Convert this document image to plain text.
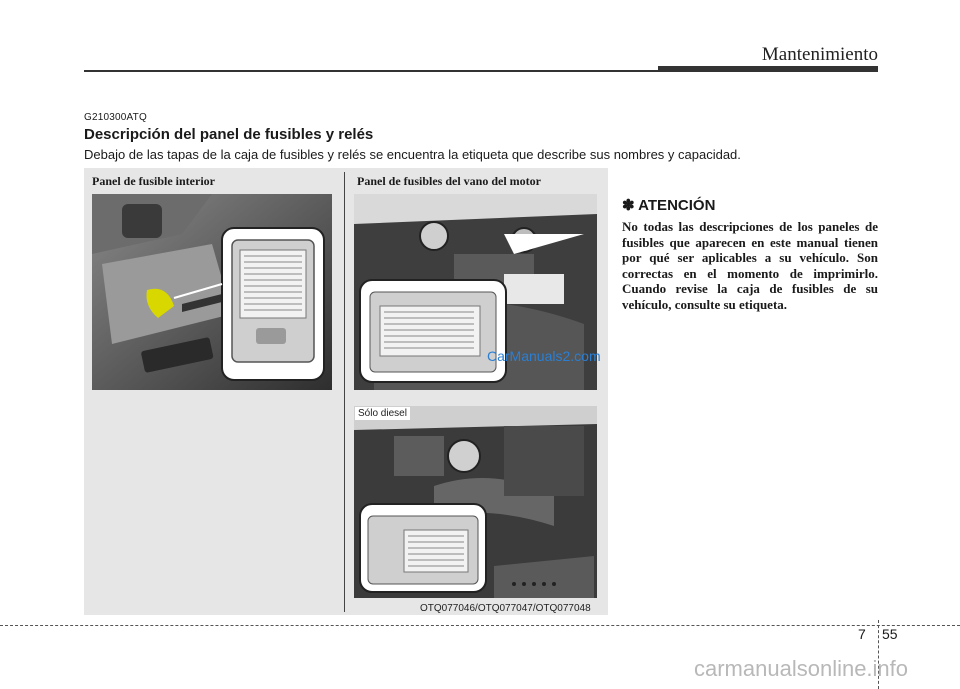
Mantenimiento
G210300ATQ
Descripción del panel de fusibles y relés
Debajo de las tapas de la caja de fusibles y relés se encuentra la etiqueta que describe sus nombres y capacidad.
Panel de fusible interior	Panel de fusibles del vano del motor
Sólo diesel
OTQ077046/OTQ077047/OTQ077048
CarManuals2.com
✽ ATENCIÓN
No todas las descripciones de los paneles de fusibles que aparecen en este manual tienen por qué ser aplicables a su vehículo. Son correctas en el momento de imprimirlo. Cuando revise la caja de fusibles de su vehículo, consulte su etiqueta.
7 55
carmanualsonline.info
